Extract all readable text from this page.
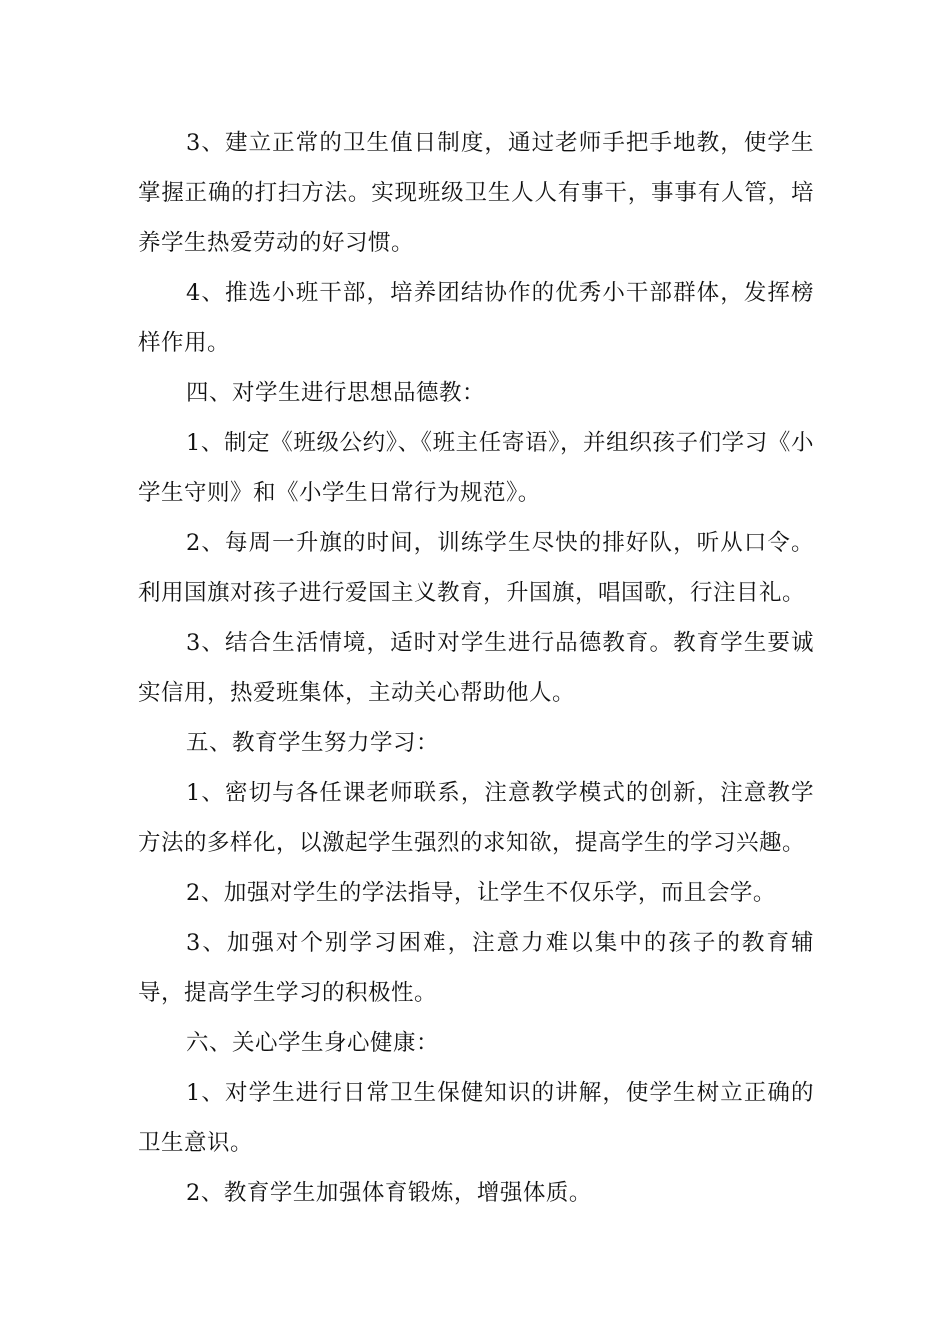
3、建立正常的卫生值日制度，通过老师手把手地教，使学生掌握正确的打扫方法。实现班级卫生人人有事干，事事有人管，培养学生热爱劳动的好习惯。

4、推选小班干部，培养团结协作的优秀小干部群体，发挥榜样作用。

四、对学生进行思想品德教：

1、制定《班级公约》、《班主任寄语》，并组织孩子们学习《小学生守则》和《小学生日常行为规范》。

2、每周一升旗的时间，训练学生尽快的排好队，听从口令。利用国旗对孩子进行爱国主义教育，升国旗，唱国歌，行注目礼。

3、结合生活情境，适时对学生进行品德教育。教育学生要诚实信用，热爱班集体，主动关心帮助他人。

五、教育学生努力学习：

1、密切与各任课老师联系，注意教学模式的创新，注意教学方法的多样化，以激起学生强烈的求知欲，提高学生的学习兴趣。

2、加强对学生的学法指导，让学生不仅乐学，而且会学。

3、加强对个别学习困难，注意力难以集中的孩子的教育辅导，提高学生学习的积极性。

六、关心学生身心健康：

1、对学生进行日常卫生保健知识的讲解，使学生树立正确的卫生意识。

2、教育学生加强体育锻炼，增强体质。
